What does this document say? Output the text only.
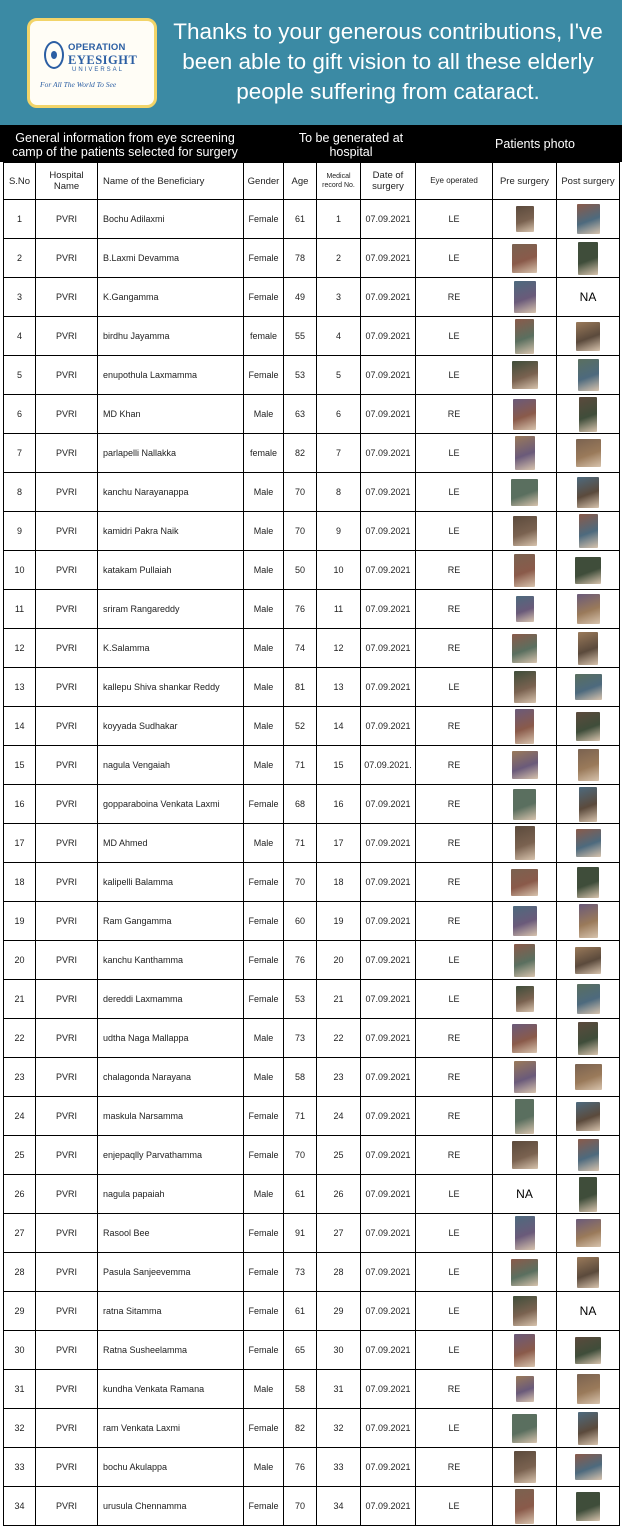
OPERATION
EYESIGHT
UNIVERSAL
For All The World To See
Thanks to your generous contributions, I've been able to gift vision to all these elderly people suffering from cataract.
General information from eye screening camp of the patients selected for surgery
To be generated at hospital
Patients photo
S.No	Hospital Name	Name of the Beneficiary	Gender	Age	Medical record No.	Date of surgery	Eye operated	Pre surgery	Post surgery
1	PVRI	Bochu Adilaxmi	Female	61	1	07.09.2021	LE		
2	PVRI	B.Laxmi Devamma	Female	78	2	07.09.2021	LE		
3	PVRI	K.Gangamma	Female	49	3	07.09.2021	RE		NA
4	PVRI	birdhu Jayamma	female	55	4	07.09.2021	LE		
5	PVRI	enupothula Laxmamma	Female	53	5	07.09.2021	LE		
6	PVRI	MD Khan	Male	63	6	07.09.2021	RE		
7	PVRI	parlapelli Nallakka	female	82	7	07.09.2021	LE		
8	PVRI	kanchu Narayanappa	Male	70	8	07.09.2021	LE		
9	PVRI	kamidri Pakra Naik	Male	70	9	07.09.2021	LE		
10	PVRI	katakam Pullaiah	Male	50	10	07.09.2021	RE		
11	PVRI	sriram Rangareddy	Male	76	11	07.09.2021	RE		
12	PVRI	K.Salamma	Male	74	12	07.09.2021	RE		
13	PVRI	kallepu Shiva shankar Reddy	Male	81	13	07.09.2021	LE		
14	PVRI	koyyada Sudhakar	Male	52	14	07.09.2021	RE		
15	PVRI	nagula Vengaiah	Male	71	15	07.09.2021.	RE		
16	PVRI	gopparaboina Venkata Laxmi	Female	68	16	07.09.2021	RE		
17	PVRI	MD Ahmed	Male	71	17	07.09.2021	RE		
18	PVRI	kalipelli Balamma	Female	70	18	07.09.2021	RE		
19	PVRI	Ram Gangamma	Female	60	19	07.09.2021	RE		
20	PVRI	kanchu Kanthamma	Female	76	20	07.09.2021	LE		
21	PVRI	dereddi Laxmamma	Female	53	21	07.09.2021	LE		
22	PVRI	udtha Naga Mallappa	Male	73	22	07.09.2021	RE		
23	PVRI	chalagonda Narayana	Male	58	23	07.09.2021	RE		
24	PVRI	maskula Narsamma	Female	71	24	07.09.2021	RE		
25	PVRI	enjepaqlly Parvathamma	Female	70	25	07.09.2021	RE		
26	PVRI	nagula papaiah	Male	61	26	07.09.2021	LE	NA	
27	PVRI	Rasool Bee	Female	91	27	07.09.2021	LE		
28	PVRI	Pasula Sanjeevemma	Female	73	28	07.09.2021	LE		
29	PVRI	ratna Sitamma	Female	61	29	07.09.2021	LE		NA
30	PVRI	Ratna Susheelamma	Female	65	30	07.09.2021	LE		
31	PVRI	kundha Venkata Ramana	Male	58	31	07.09.2021	RE		
32	PVRI	ram Venkata Laxmi	Female	82	32	07.09.2021	LE		
33	PVRI	bochu Akulappa	Male	76	33	07.09.2021	RE		
34	PVRI	urusula Chennamma	Female	70	34	07.09.2021	LE		
